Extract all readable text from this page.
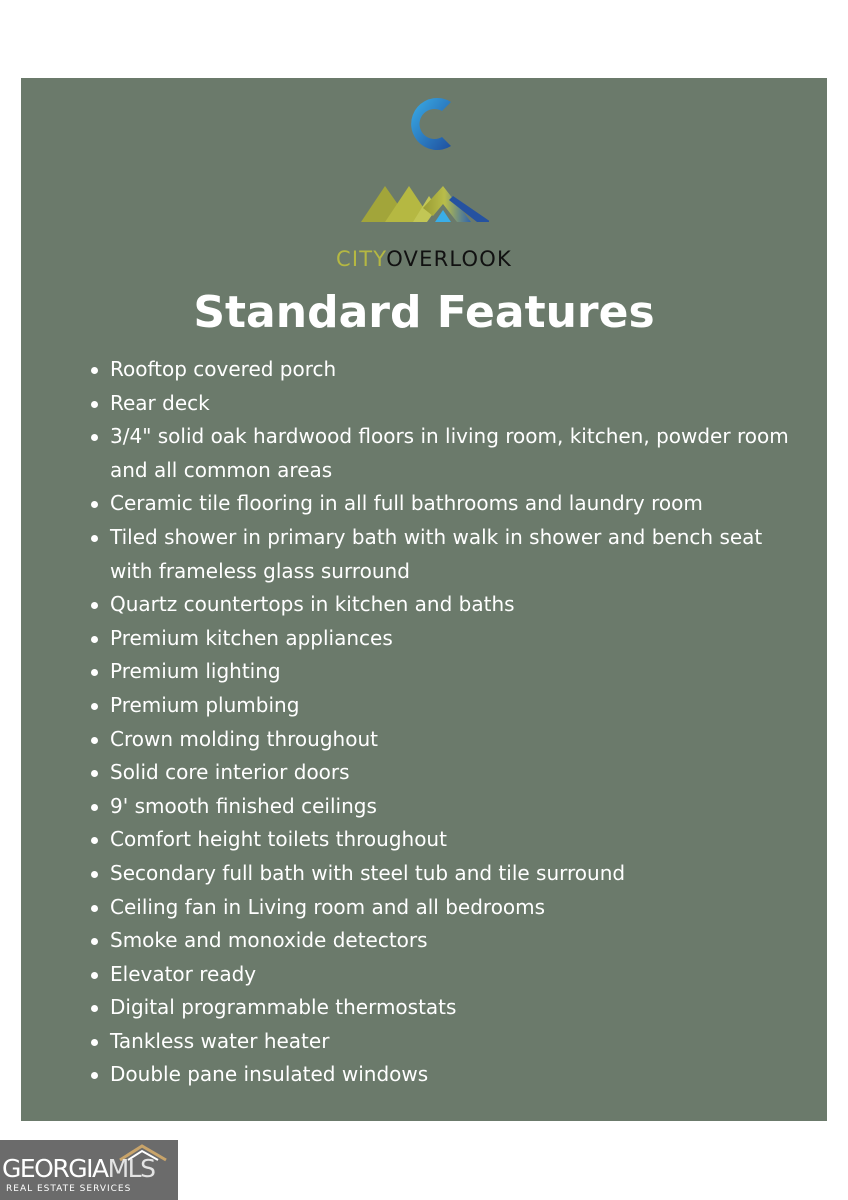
CITYOVERLOOK
Standard Features
Rooftop covered porch
Rear deck
3/4" solid oak hardwood floors in living room, kitchen, powder room and all common areas
Ceramic tile flooring in all full bathrooms and laundry room
Tiled shower in primary bath with walk in shower and bench seat with frameless glass surround
Quartz countertops in kitchen and baths
Premium kitchen appliances
Premium lighting
Premium plumbing
Crown molding throughout
Solid core interior doors
9' smooth finished ceilings
Comfort height toilets throughout
Secondary full bath with steel tub and tile surround
Ceiling fan in Living room and all bedrooms
Smoke and monoxide detectors
Elevator ready
Digital programmable thermostats
Tankless water heater
Double pane insulated windows
GEORGIAMLS
REAL ESTATE SERVICES
